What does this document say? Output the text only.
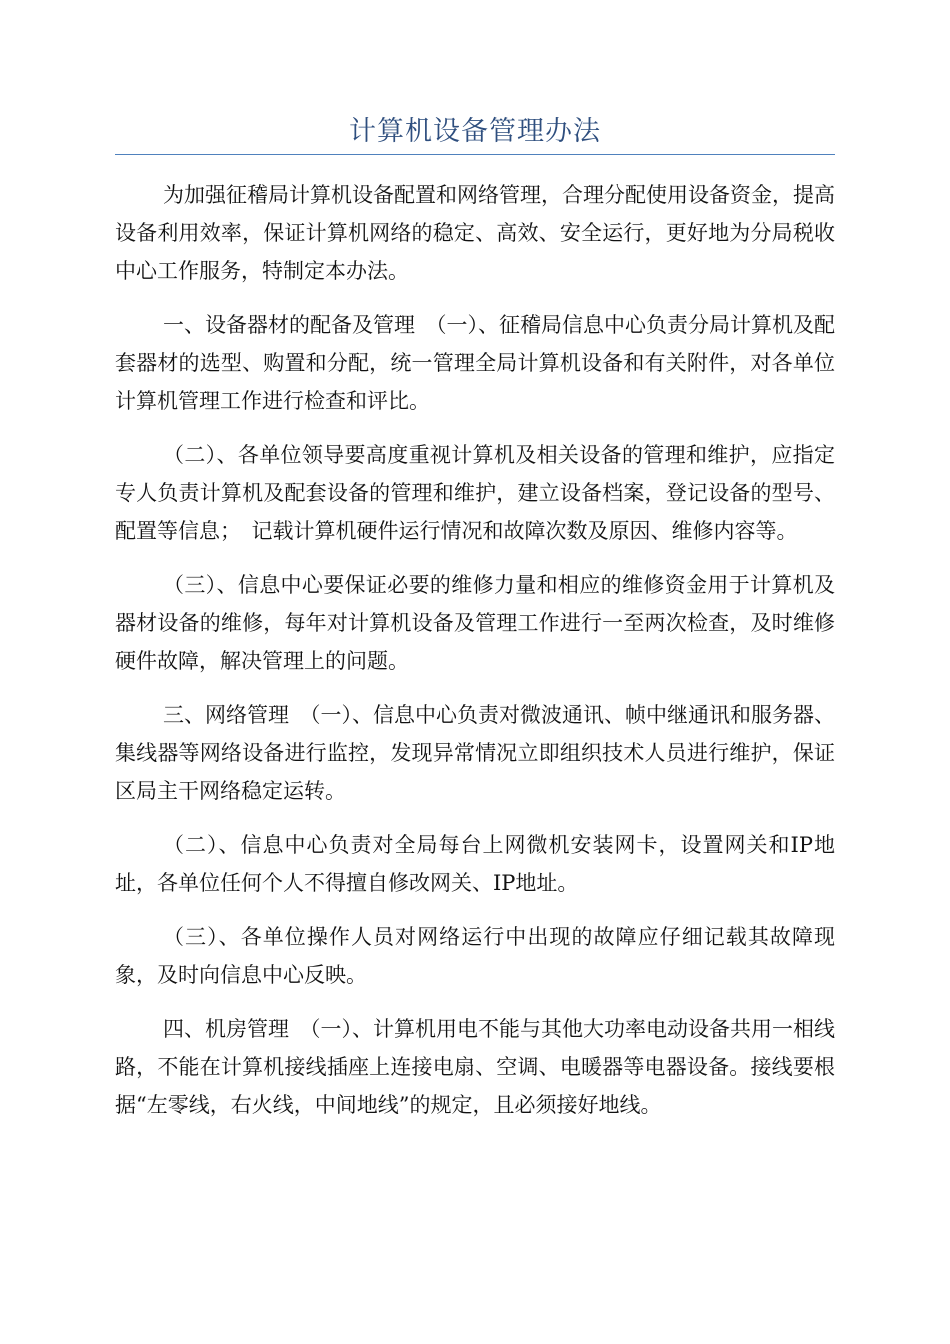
计算机设备管理办法

为加强征稽局计算机设备配置和网络管理，合理分配使用设备资金，提高设备利用效率，保证计算机网络的稳定、高效、安全运行，更好地为分局税收中心工作服务，特制定本办法。

一、设备器材的配备及管理　（一）、征稽局信息中心负责分局计算机及配套器材的选型、购置和分配，统一管理全局计算机设备和有关附件，对各单位计算机管理工作进行检查和评比。

（二）、各单位领导要高度重视计算机及相关设备的管理和维护，应指定专人负责计算机及配套设备的管理和维护，建立设备档案，登记设备的型号、配置等信息；　记载计算机硬件运行情况和故障次数及原因、维修内容等。

（三）、信息中心要保证必要的维修力量和相应的维修资金用于计算机及器材设备的维修，每年对计算机设备及管理工作进行一至两次检查，及时维修硬件故障，解决管理上的问题。

三、网络管理　（一）、信息中心负责对微波通讯、帧中继通讯和服务器、集线器等网络设备进行监控，发现异常情况立即组织技术人员进行维护，保证区局主干网络稳定运转。

（二）、信息中心负责对全局每台上网微机安装网卡，设置网关和IP地址，各单位任何个人不得擅自修改网关、IP地址。

（三）、各单位操作人员对网络运行中出现的故障应仔细记载其故障现象，及时向信息中心反映。

四、机房管理　（一）、计算机用电不能与其他大功率电动设备共用一相线路，不能在计算机接线插座上连接电扇、空调、电暖器等电器设备。接线要根据“左零线，右火线，中间地线”的规定，且必须接好地线。
